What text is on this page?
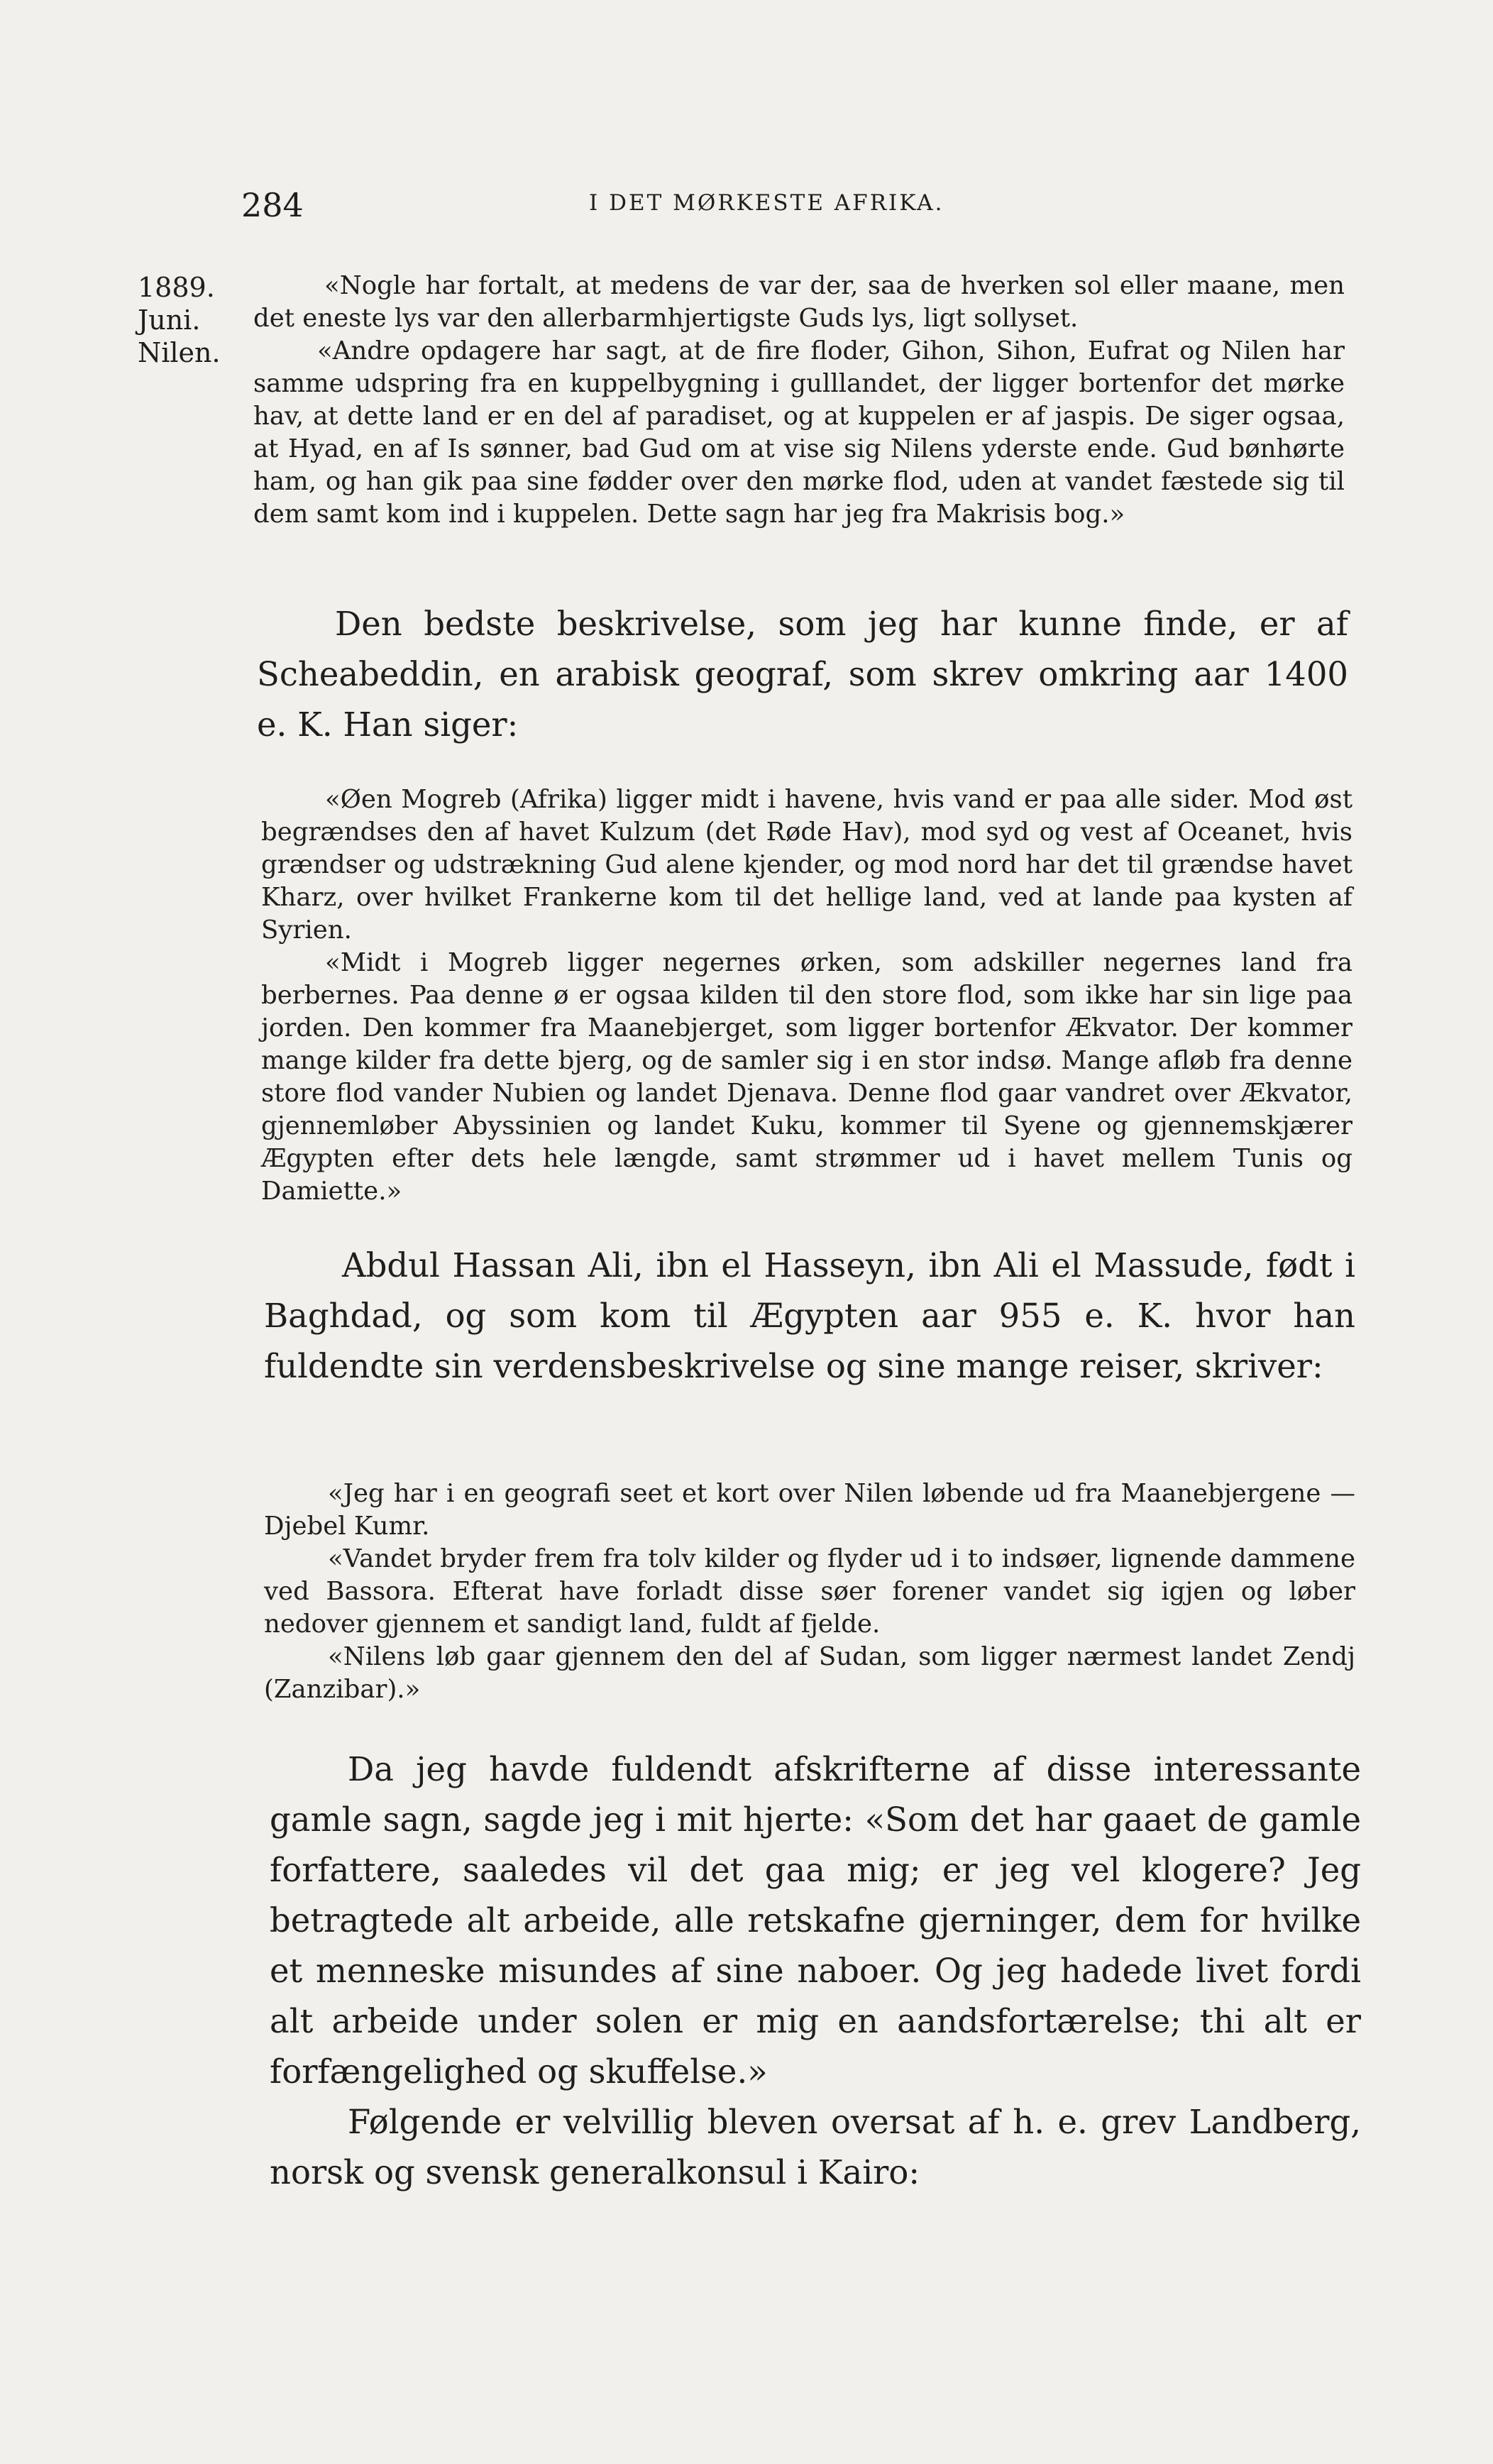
284	I DET MØRKESTE AFRIKA.
1889.
Juni.
Nilen.

«Nogle har fortalt, at medens de var der, saa de hverken sol eller maane, men det eneste lys var den allerbarmhjertigste Guds lys, ligt sollyset.

«Andre opdagere har sagt, at de fire floder, Gihon, Sihon, Eufrat og Nilen har samme udspring fra en kuppelbygning i gulllandet, der ligger bortenfor det mørke hav, at dette land er en del af paradiset, og at kuppelen er af jaspis. De siger ogsaa, at Hyad, en af Is sønner, bad Gud om at vise sig Nilens yderste ende. Gud bønhørte ham, og han gik paa sine fødder over den mørke flod, uden at vandet fæstede sig til dem samt kom ind i kuppelen. Dette sagn har jeg fra Makrisis bog.»

Den bedste beskrivelse, som jeg har kunne finde, er af Scheabeddin, en arabisk geograf, som skrev omkring aar 1400 e. K. Han siger:

«Øen Mogreb (Afrika) ligger midt i havene, hvis vand er paa alle sider. Mod øst begrændses den af havet Kulzum (det Røde Hav), mod syd og vest af Oceanet, hvis grændser og udstrækning Gud alene kjender, og mod nord har det til grændse havet Kharz, over hvilket Frankerne kom til det hellige land, ved at lande paa kysten af Syrien.

«Midt i Mogreb ligger negernes ørken, som adskiller negernes land fra berbernes. Paa denne ø er ogsaa kilden til den store flod, som ikke har sin lige paa jorden. Den kommer fra Maanebjerget, som ligger bortenfor Ækvator. Der kommer mange kilder fra dette bjerg, og de samler sig i en stor indsø. Mange afløb fra denne store flod vander Nubien og landet Djenava. Denne flod gaar vandret over Ækvator, gjennemløber Abyssinien og landet Kuku, kommer til Syene og gjennemskjærer Ægypten efter dets hele længde, samt strømmer ud i havet mellem Tunis og Damiette.»

Abdul Hassan Ali, ibn el Hasseyn, ibn Ali el Massude, født i Baghdad, og som kom til Ægypten aar 955 e. K. hvor han fuldendte sin verdensbeskrivelse og sine mange reiser, skriver:

«Jeg har i en geografi seet et kort over Nilen løbende ud fra Maanebjergene — Djebel Kumr.

«Vandet bryder frem fra tolv kilder og flyder ud i to indsøer, lignende dammene ved Bassora. Efterat have forladt disse søer forener vandet sig igjen og løber nedover gjennem et sandigt land, fuldt af fjelde.

«Nilens løb gaar gjennem den del af Sudan, som ligger nærmest landet Zendj (Zanzibar).»

Da jeg havde fuldendt afskrifterne af disse interessante gamle sagn, sagde jeg i mit hjerte: «Som det har gaaet de gamle forfattere, saaledes vil det gaa mig; er jeg vel klogere? Jeg betragtede alt arbeide, alle retskafne gjerninger, dem for hvilke et menneske misundes af sine naboer. Og jeg hadede livet fordi alt arbeide under solen er mig en aandsfortærelse; thi alt er forfængelighed og skuffelse.»

Følgende er velvillig bleven oversat af h. e. grev Landberg, norsk og svensk generalkonsul i Kairo:
